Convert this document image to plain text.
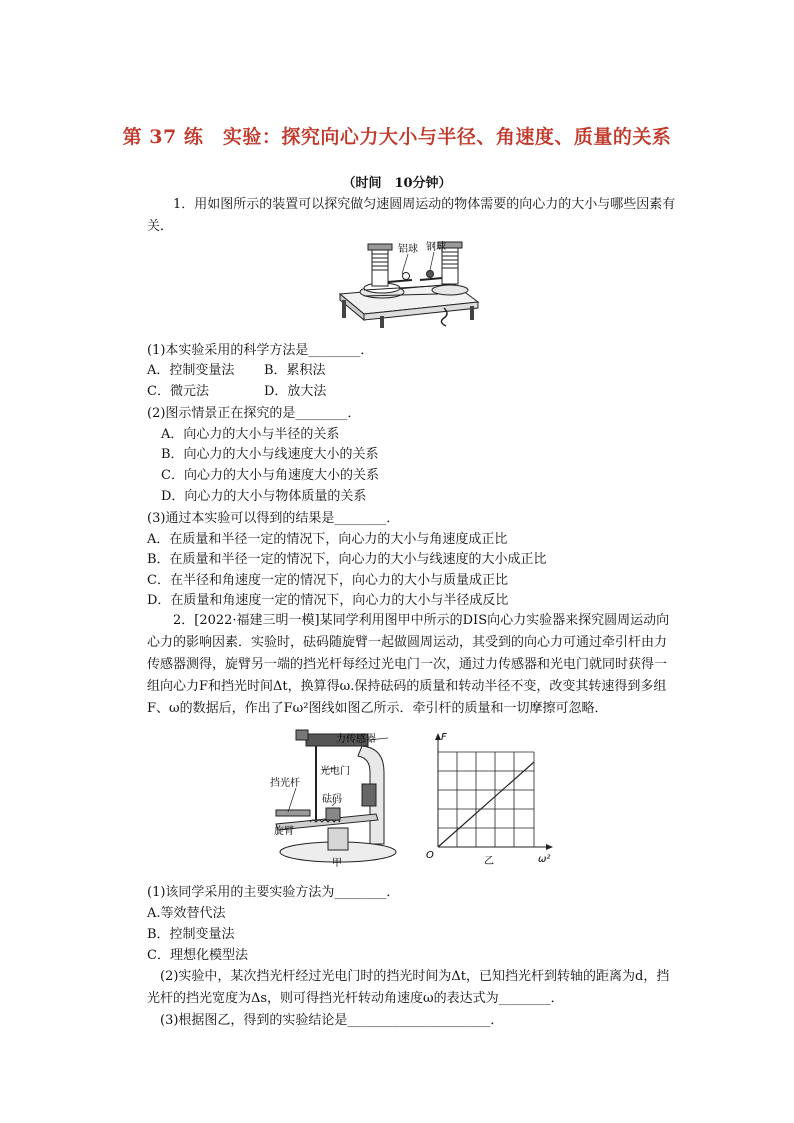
第 37 练　实验：探究向心力大小与半径、角速度、质量的关系
（时间　10分钟）
1．用如图所示的装置可以探究做匀速圆周运动的物体需要的向心力的大小与哪些因素有关．
铝球 钢球
(1)本实验采用的科学方法是________．
A．控制变量法 B．累积法
C．微元法	D．放大法
(2)图示情景正在探究的是________．
A．向心力的大小与半径的关系
B．向心力的大小与线速度大小的关系
C．向心力的大小与角速度大小的关系
D．向心力的大小与物体质量的关系
(3)通过本实验可以得到的结果是________．
A．在质量和半径一定的情况下，向心力的大小与角速度成正比
B．在质量和半径一定的情况下，向心力的大小与线速度的大小成正比
C．在半径和角速度一定的情况下，向心力的大小与质量成正比
D．在质量和角速度一定的情况下，向心力的大小与半径成反比
2．[2022·福建三明一模]某同学利用图甲中所示的DIS向心力实验器来探究圆周运动向心力的影响因素．实验时，砝码随旋臂一起做圆周运动，其受到的向心力可通过牵引杆由力传感器测得，旋臂另一端的挡光杆每经过光电门一次，通过力传感器和光电门就同时获得一组向心力F和挡光时间Δt，换算得ω.保持砝码的质量和转动半径不变，改变其转速得到多组F、ω的数据后，作出了Fω²图线如图乙所示．牵引杆的质量和一切摩擦可忽略．
力传感器
光电门
挡光杆
砝码
旋臂
甲
F
ω²
O
乙
(1)该同学采用的主要实验方法为________．
A.等效替代法
B．控制变量法
C．理想化模型法
(2)实验中，某次挡光杆经过光电门时的挡光时间为Δt，已知挡光杆到转轴的距离为d，挡光杆的挡光宽度为Δs，则可得挡光杆转动角速度ω的表达式为________．
(3)根据图乙，得到的实验结论是______________________．
